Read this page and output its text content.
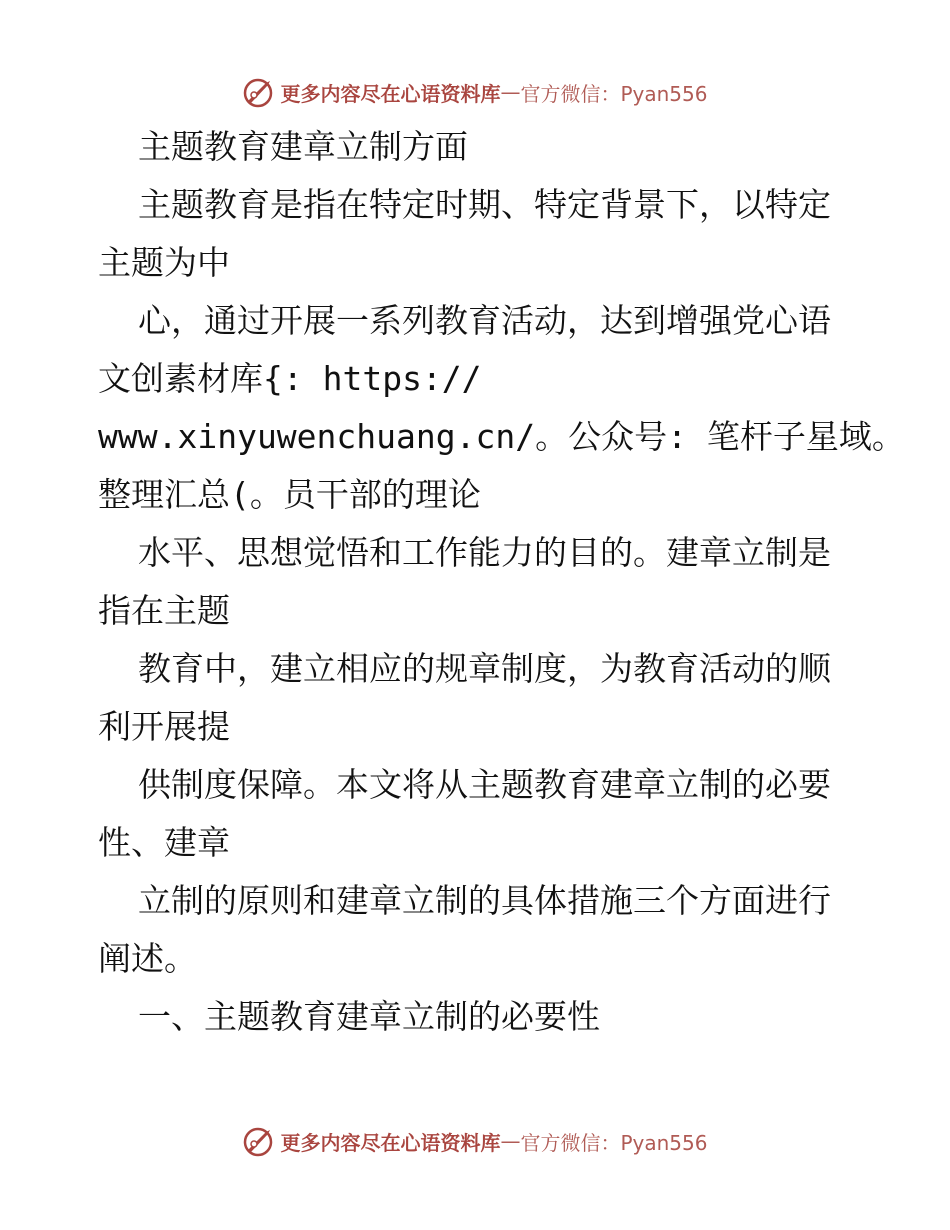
更多内容尽在心语资料库 — 官方微信：Pyan556
主题教育建章立制方面
主题教育是指在特定时期、特定背景下，以特定
主题为中
心，通过开展一系列教育活动，达到增强党心语
文创素材库{: https://
www.xinyuwenchuang.cn/。公众号: 笔杆子星域。
整理汇总(。员干部的理论
水平、思想觉悟和工作能力的目的。建章立制是
指在主题
教育中，建立相应的规章制度，为教育活动的顺
利开展提
供制度保障。本文将从主题教育建章立制的必要
性、建章
立制的原则和建章立制的具体措施三个方面进行
阐述。
一、主题教育建章立制的必要性
更多内容尽在心语资料库 — 官方微信：Pyan556
